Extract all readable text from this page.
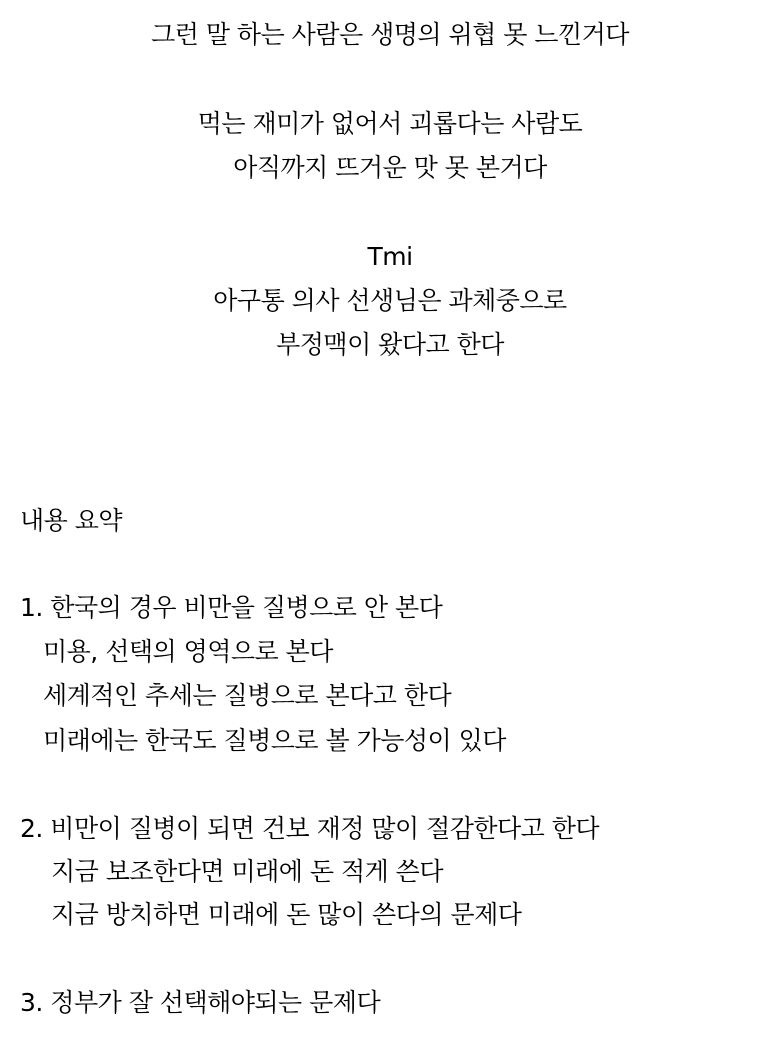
그런 말 하는 사람은 생명의 위협 못 느낀거다
먹는 재미가 없어서 괴롭다는 사람도
아직까지 뜨거운 맛 못 본거다
Tmi
아구통 의사 선생님은 과체중으로
부정맥이 왔다고 한다
내용 요약
1. 한국의 경우 비만을 질병으로 안 본다
미용, 선택의 영역으로 본다
세계적인 추세는 질병으로 본다고 한다
미래에는 한국도 질병으로 볼 가능성이 있다
2. 비만이 질병이 되면 건보 재정 많이 절감한다고 한다
지금 보조한다면 미래에 돈 적게 쓴다
지금 방치하면 미래에 돈 많이 쓴다의 문제다
3. 정부가 잘 선택해야되는 문제다
